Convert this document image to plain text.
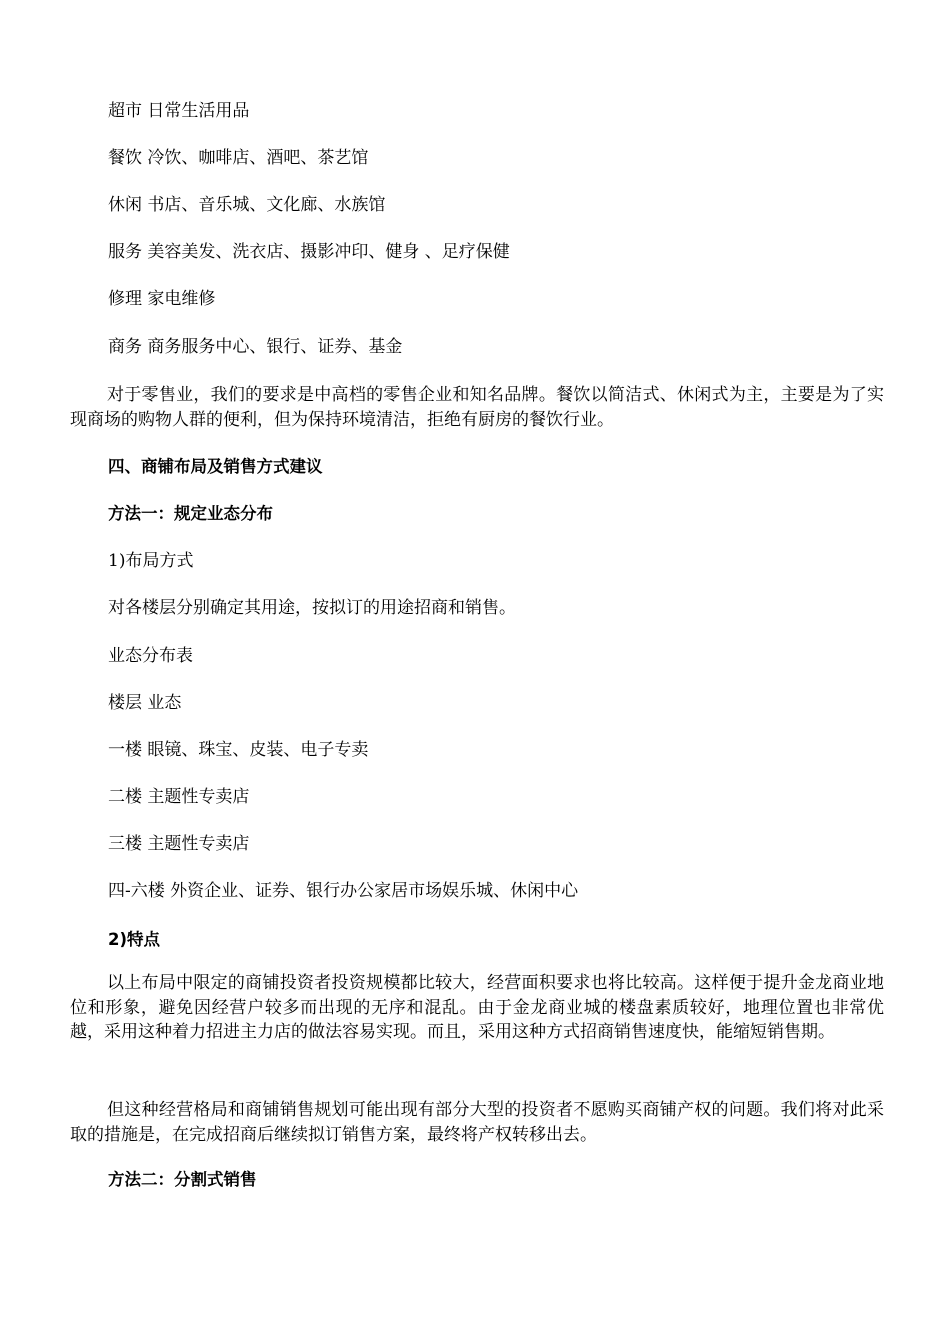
超市 日常生活用品

餐饮 冷饮、咖啡店、酒吧、茶艺馆

休闲 书店、音乐城、文化廊、水族馆

服务 美容美发、洗衣店、摄影冲印、健身 、足疗保健

修理 家电维修

商务 商务服务中心、银行、证券、基金

对于零售业，我们的要求是中高档的零售企业和知名品牌。餐饮以简洁式、休闲式为主，主要是为了实现商场的购物人群的便利，但为保持环境清洁，拒绝有厨房的餐饮行业。

四、商铺布局及销售方式建议

方法一：规定业态分布

1)布局方式

对各楼层分别确定其用途，按拟订的用途招商和销售。

业态分布表

楼层 业态

一楼 眼镜、珠宝、皮装、电子专卖

二楼 主题性专卖店

三楼 主题性专卖店

四-六楼 外资企业、证券、银行办公家居市场娱乐城、休闲中心

2)特点

以上布局中限定的商铺投资者投资规模都比较大，经营面积要求也将比较高。这样便于提升金龙商业地位和形象，避免因经营户较多而出现的无序和混乱。由于金龙商业城的楼盘素质较好，地理位置也非常优越，采用这种着力招进主力店的做法容易实现。而且，采用这种方式招商销售速度快，能缩短销售期。

但这种经营格局和商铺销售规划可能出现有部分大型的投资者不愿购买商铺产权的问题。我们将对此采取的措施是，在完成招商后继续拟订销售方案，最终将产权转移出去。

方法二：分割式销售
